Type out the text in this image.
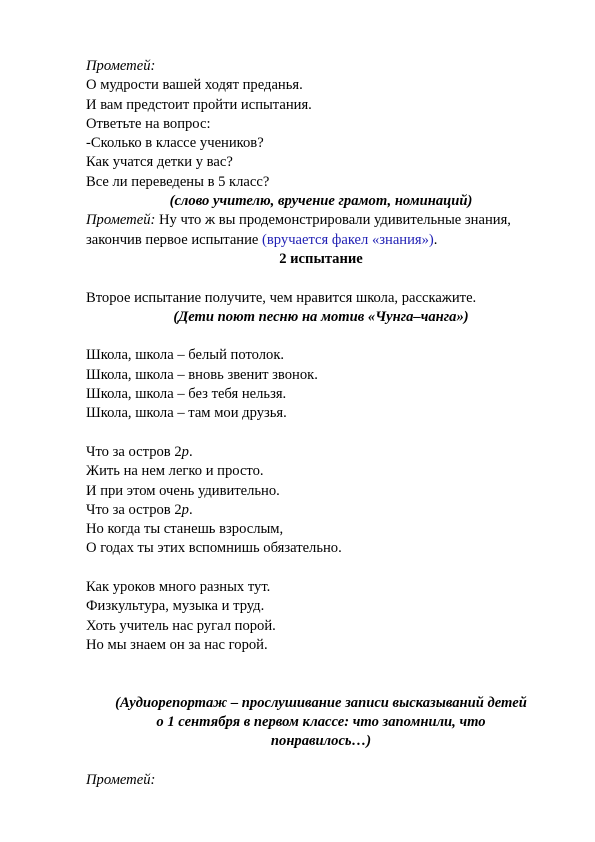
Прометей:
О мудрости вашей ходят преданья.
И вам предстоит пройти испытания.
Ответьте на вопрос:
-Сколько в классе учеников?
Как учатся детки у вас?
Все ли переведены в 5 класс?
(слово учителю, вручение грамот, номинаций)
Прометей: Ну что ж вы продемонстрировали удивительные знания,
закончив первое испытание (вручается факел «знания»).
2 испытание
Второе испытание получите, чем нравится школа, расскажите.
(Дети поют песню на мотив «Чунга–чанга»)
Школа, школа – белый потолок.
Школа, школа – вновь звенит звонок.
Школа, школа – без тебя нельзя.
Школа, школа – там мои друзья.
Что за остров 2р.
Жить на нем легко и просто.
И при этом очень удивительно.
Что за остров 2р.
Но когда ты станешь взрослым,
О годах ты этих вспомнишь обязательно.
Как уроков много разных тут.
Физкультура, музыка и труд.
Хоть учитель нас ругал порой.
Но мы знаем он за нас горой.
(Аудиорепортаж – прослушивание записи высказываний детей
о 1 сентября в первом классе: что запомнили, что
понравилось…)
Прометей:
